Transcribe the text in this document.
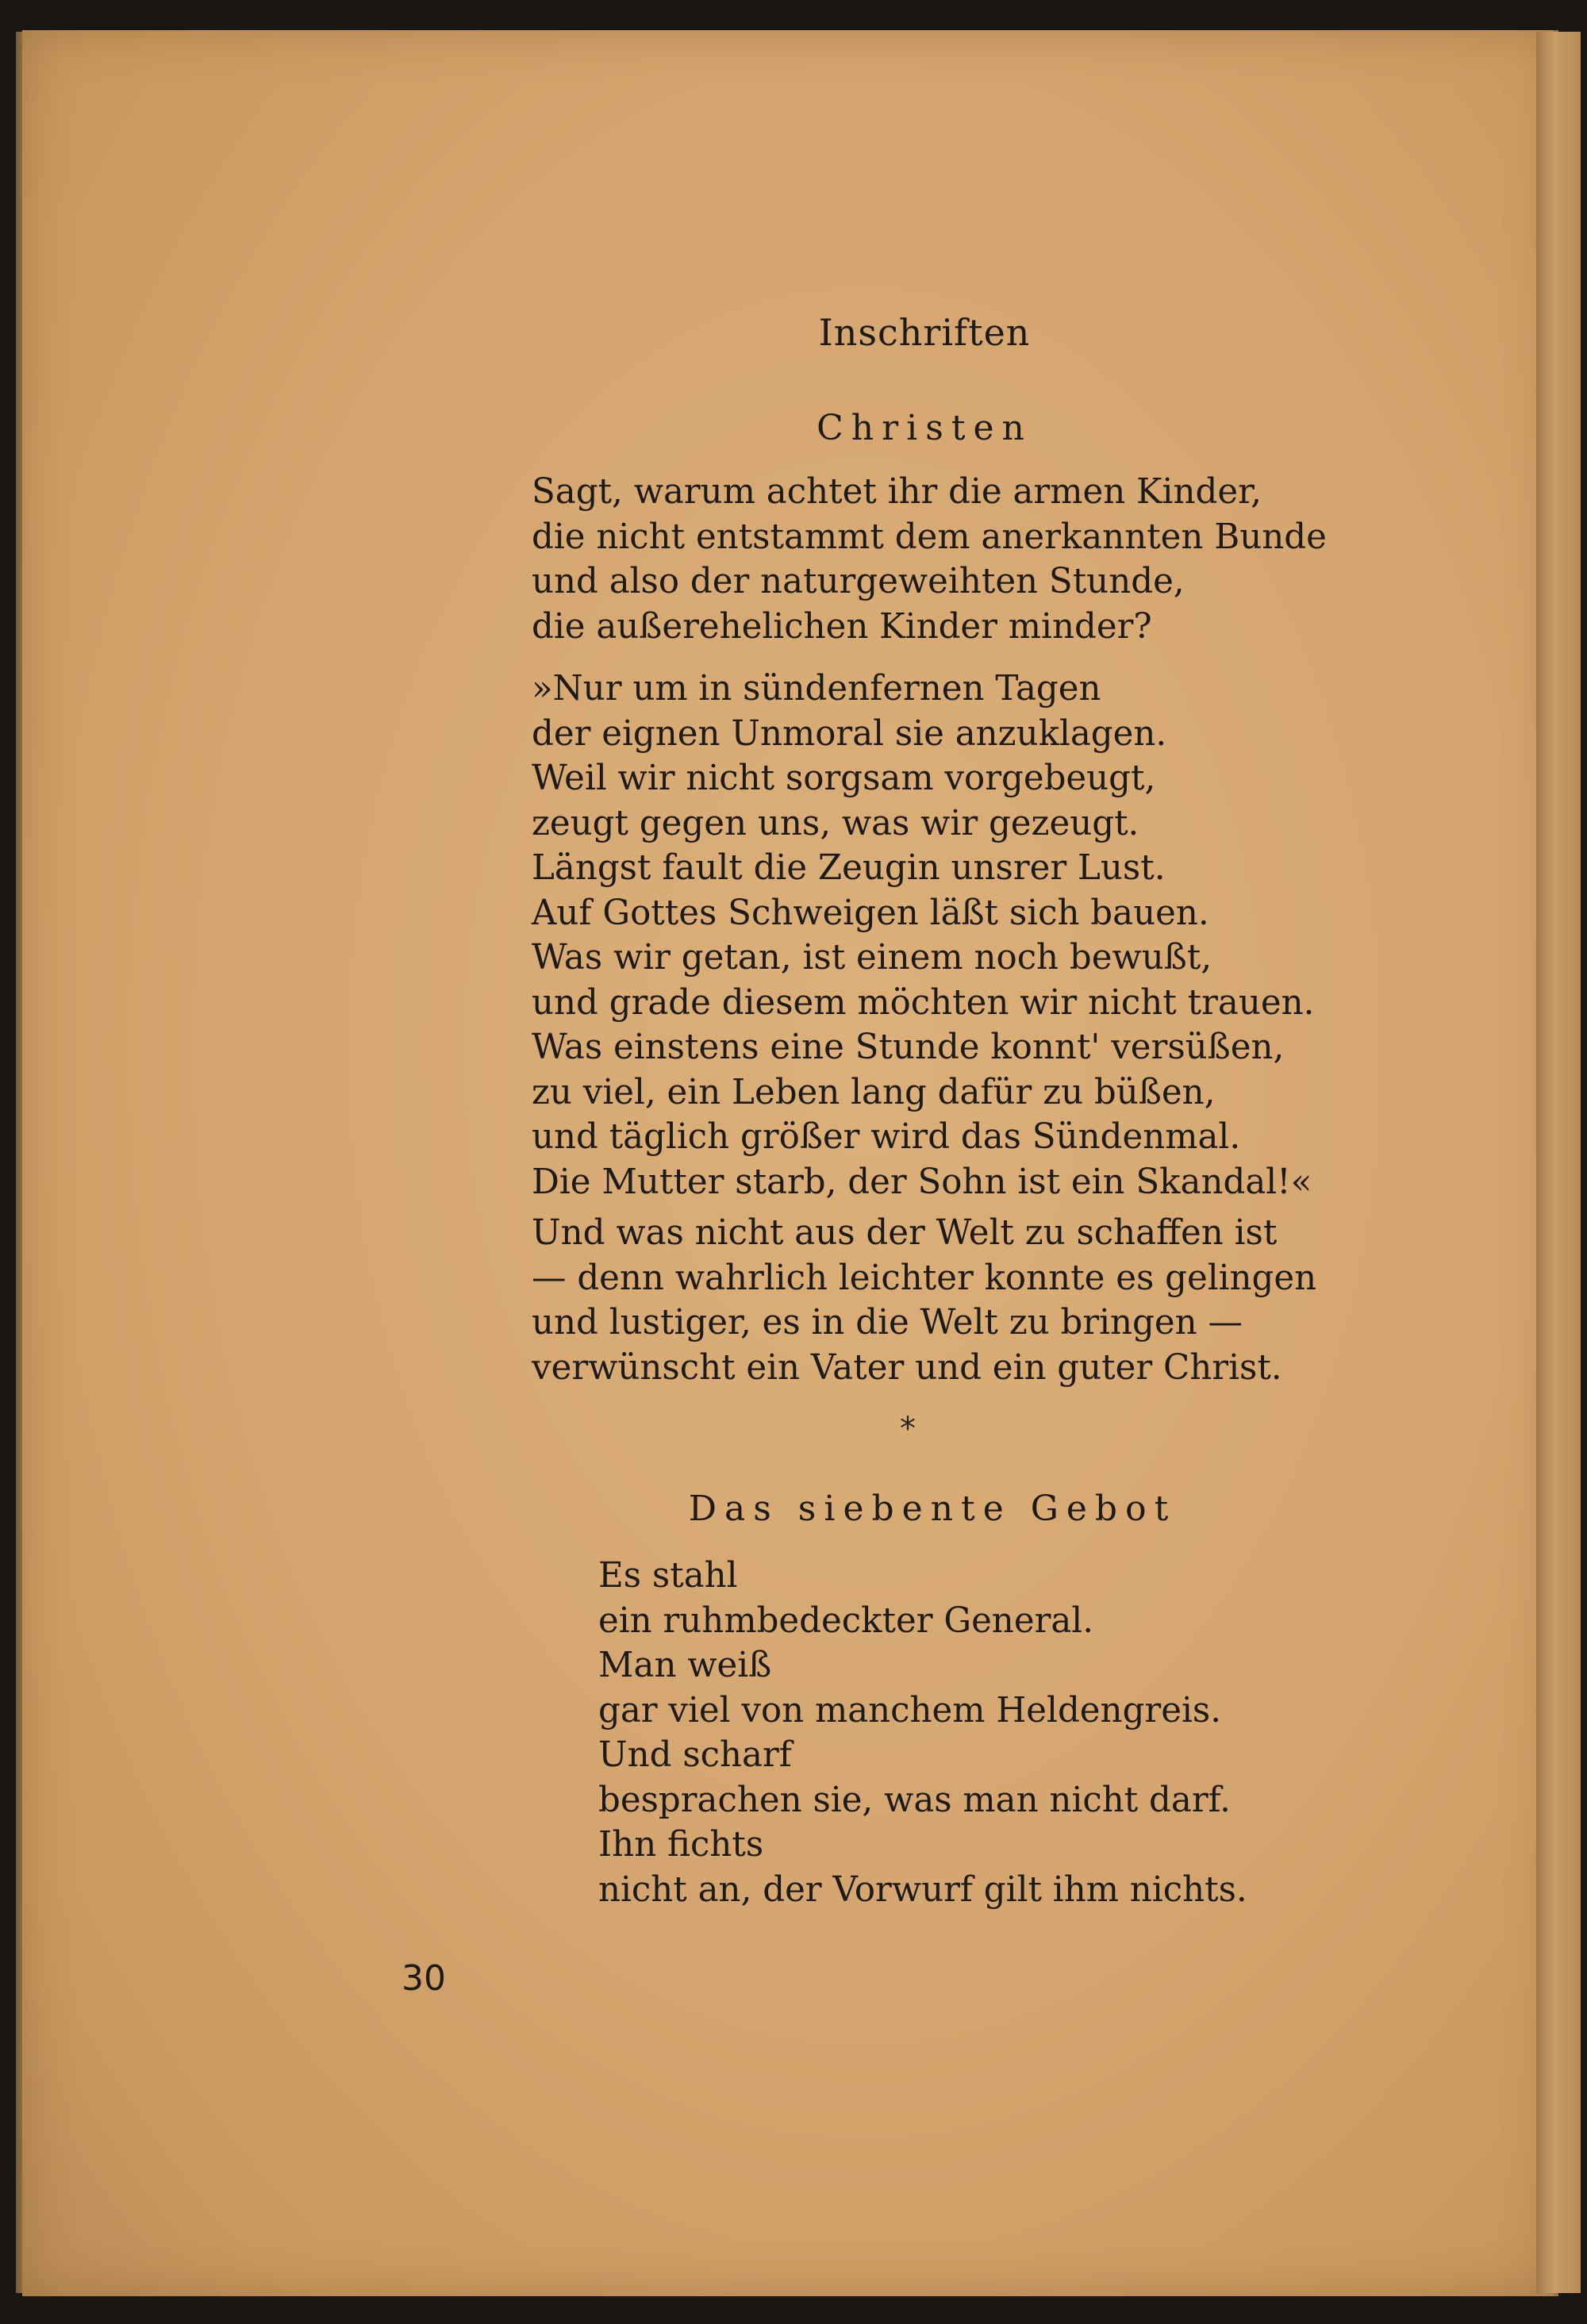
Inschriften
Christen
Sagt, warum achtet ihr die armen Kinder,
die nicht entstammt dem anerkannten Bunde
und also der naturgeweihten Stunde,
die außerehelichen Kinder minder?
»Nur um in sündenfernen Tagen
der eignen Unmoral sie anzuklagen.
Weil wir nicht sorgsam vorgebeugt,
zeugt gegen uns, was wir gezeugt.
Längst fault die Zeugin unsrer Lust.
Auf Gottes Schweigen läßt sich bauen.
Was wir getan, ist einem noch bewußt,
und grade diesem möchten wir nicht trauen.
Was einstens eine Stunde konnt' versüßen,
zu viel, ein Leben lang dafür zu büßen,
und täglich größer wird das Sündenmal.
Die Mutter starb, der Sohn ist ein Skandal!«
Und was nicht aus der Welt zu schaffen ist
— denn wahrlich leichter konnte es gelingen
und lustiger, es in die Welt zu bringen —
verwünscht ein Vater und ein guter Christ.
*
Das siebente Gebot
Es stahl
ein ruhmbedeckter General.
Man weiß
gar viel von manchem Heldengreis.
Und scharf
besprachen sie, was man nicht darf.
Ihn fichts
nicht an, der Vorwurf gilt ihm nichts.
30
